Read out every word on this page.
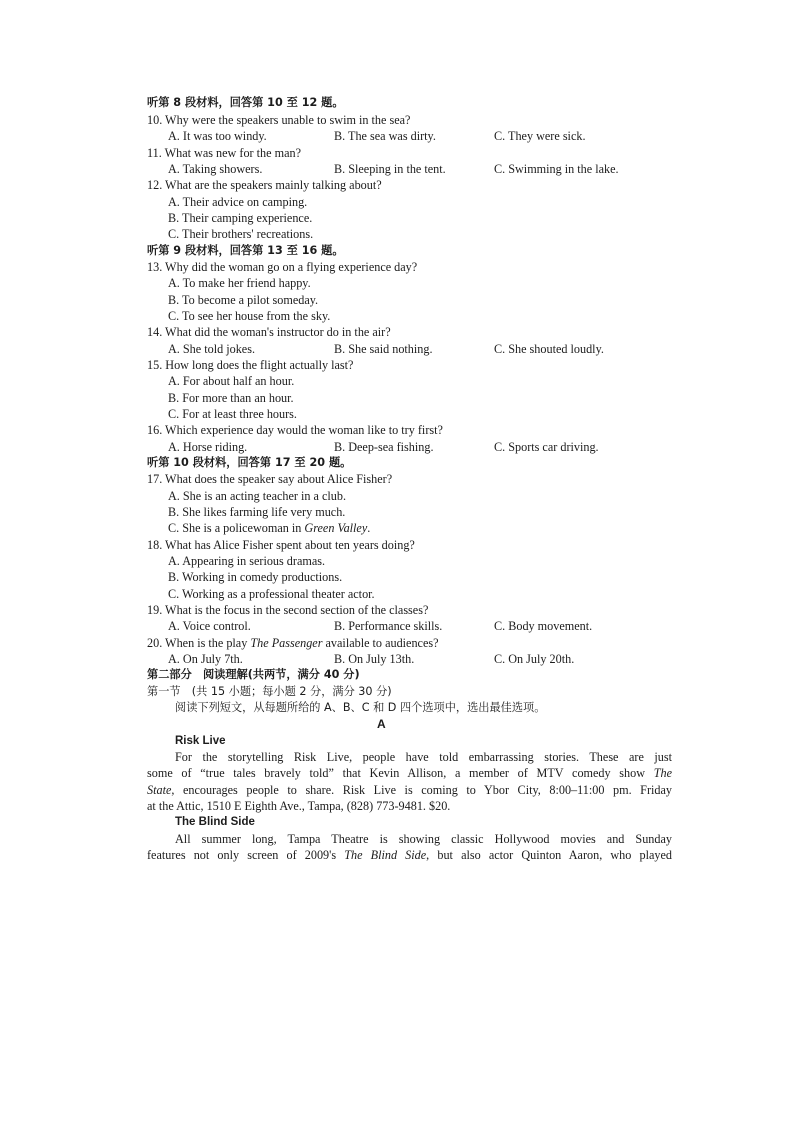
听第 8 段材料，回答第 10 至 12 题。
10. Why were the speakers unable to swim in the sea?
A. It was too windy.	B. The sea was dirty.	C. They were sick.
11. What was new for the man?
A. Taking showers.	B. Sleeping in the tent.	C. Swimming in the lake.
12. What are the speakers mainly talking about?
A. Their advice on camping.
B. Their camping experience.
C. Their brothers' recreations.
听第 9 段材料，回答第 13 至 16 题。
13. Why did the woman go on a flying experience day?
A. To make her friend happy.
B. To become a pilot someday.
C. To see her house from the sky.
14. What did the woman's instructor do in the air?
A. She told jokes.	B. She said nothing.	C. She shouted loudly.
15. How long does the flight actually last?
A. For about half an hour.
B. For more than an hour.
C. For at least three hours.
16. Which experience day would the woman like to try first?
A. Horse riding.	B. Deep-sea fishing.	C. Sports car driving.
听第 10 段材料，回答第 17 至 20 题。
17. What does the speaker say about Alice Fisher?
A. She is an acting teacher in a club.
B. She likes farming life very much.
C. She is a policewoman in Green Valley.
18. What has Alice Fisher spent about ten years doing?
A. Appearing in serious dramas.
B. Working in comedy productions.
C. Working as a professional theater actor.
19. What is the focus in the second section of the classes?
A. Voice control.	B. Performance skills.	C. Body movement.
20. When is the play The Passenger available to audiences?
A. On July 7th.	B. On July 13th.	C. On July 20th.
第二部分　阅读理解(共两节，满分 40 分)
第一节　(共 15 小题；每小题 2 分，满分 30 分)
阅读下列短文，从每题所给的 A、B、C 和 D 四个选项中，选出最佳选项。
A
Risk Live
For the storytelling Risk Live, people have told embarrassing stories. These are just
some of “true tales bravely told” that Kevin Allison, a member of MTV comedy show The
State, encourages people to share. Risk Live is coming to Ybor City, 8:00–11:00 pm. Friday
at the Attic, 1510 E Eighth Ave., Tampa, (828) 773-9481. $20.
The Blind Side
All summer long, Tampa Theatre is showing classic Hollywood movies and Sunday
features not only screen of 2009's The Blind Side, but also actor Quinton Aaron, who played
